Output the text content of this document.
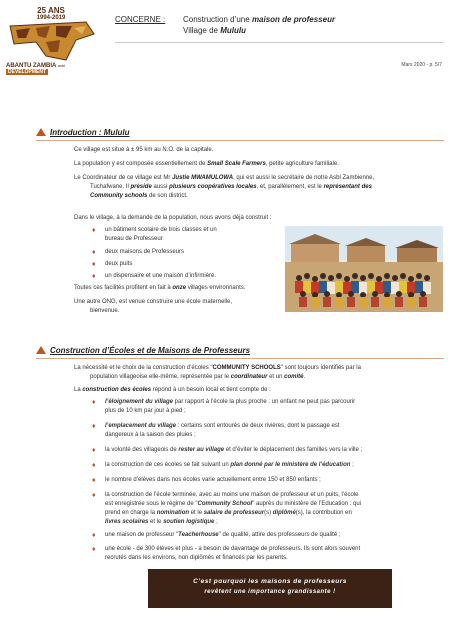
25 ANS
1994-2019
ABANTU ZAMBIA asbl
DEVELOPMENT
CONCERNE :	Construction d’une maison de professeur
Village de Mululu
Mars 2020 - p. 5/7
Introduction : Mululu
Ce village est situé à ± 95 km au N.O. de la capitale.
La population y est composée essentiellement de Small Scale Farmers, petite agriculture familiale.
Le Coordinateur de ce village est Mr Justie MWAMULOWA, qui est aussi le secrétaire de notre Asbl Zambienne,
Tuchafwane. Il préside aussi plusieurs coopératives locales, et, parallèlement, est le représentant des
Community schools de son district.
Dans le village, à la demande de la population, nous avons déjà construit :
♦ un bâtiment scolaire de trois classes et un
bureau de Professeur
♦ deux maisons de Professeurs
♦ deux puits
♦ un dispensaire et une maison d’infirmière.
Toutes ces facilités profitent en fait à onze villages environnants.
Une autre ONG, est venue construire une école maternelle,
bienvenue.
Construction d’Écoles et de Maisons de Professeurs
La nécessité et le choix de la construction d’écoles "COMMUNITY SCHOOLS" sont toujours identifiés par la
population villageoise elle-même, représentée par le coordinateur et un comité.
La construction des écoles répond à un besoin local et tient compte de :
♦ l’éloignement du village par rapport à l’école la plus proche : un enfant ne peut pas parcourir
plus de 10 km par jour à pied ;
♦ l’emplacement du village : certains sont entourés de deux rivières, dont le passage est
dangereux à la saison des pluies ;
♦ la volonté des villageois de rester au village et d’éviter le déplacement des familles vers la ville ;
♦ la construction de ces écoles se fait suivant un plan donné par le ministère de l’éducation ;
♦ le nombre d’élèves dans nos écoles varie actuellement entre 150 et 850 enfants ;
♦ la construction de l’école terminée, avec au moins une maison de professeur et un puits, l’école
est enregistrée sous le régime de "Community School" auprès du ministère de l’Education : qui
prend en charge la nomination et le salaire de professeur(s) diplômé(s), la contribution en
livres scolaires et le soutien logistique ;
♦ une maison de professeur "Teacherhouse" de qualité, attire des professeurs de qualité ;
♦ une école - de 300 élèves et plus - a besoin de davantage de professeurs. Ils sont alors souvent
recrutés dans les environs, non diplômés et financés par les parents.
C’est pourquoi les maisons de professeurs
revêtent une importance grandissante !
